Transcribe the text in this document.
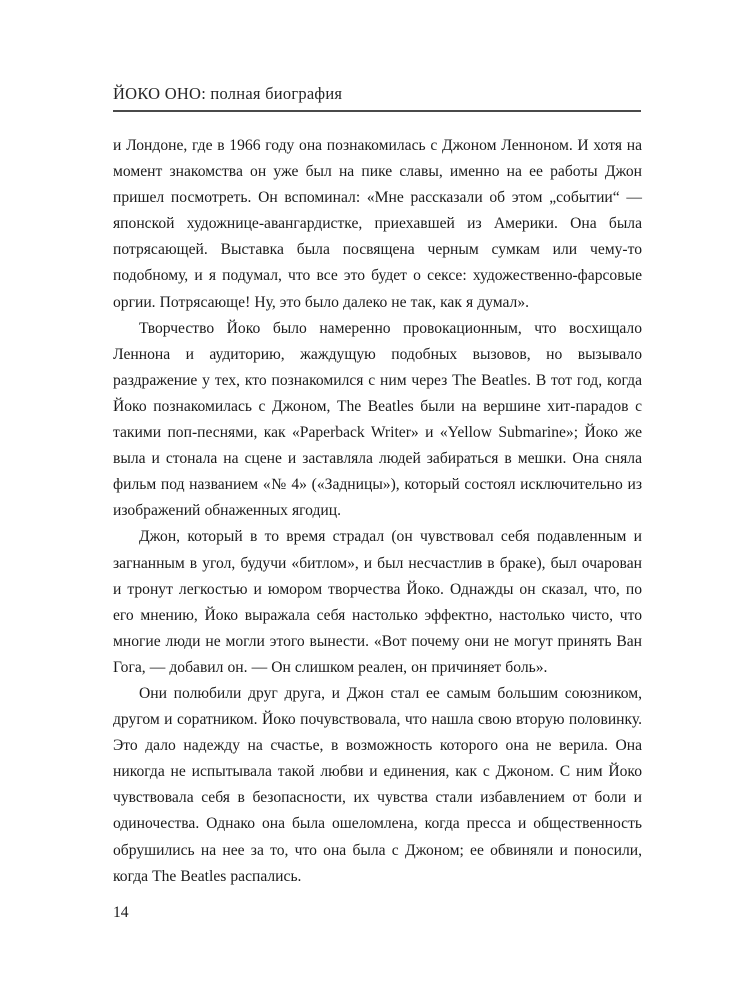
ЙОКО ОНО: полная биография

и Лондоне, где в 1966 году она познакомилась с Джоном Ленноном. И хотя на момент знакомства он уже был на пике славы, именно на ее работы Джон пришел посмотреть. Он вспоминал: «Мне рассказали об этом „событии“ — японской художнице-авангардистке, приехавшей из Америки. Она была потрясающей. Выставка была посвящена черным сумкам или чему-то подобному, и я подумал, что все это будет о сексе: художественно-фарсовые оргии. Потрясающе! Ну, это было далеко не так, как я думал».

Творчество Йоко было намеренно провокационным, что восхищало Леннона и аудиторию, жаждущую подобных вызовов, но вызывало раздражение у тех, кто познакомился с ним через The Beatles. В тот год, когда Йоко познакомилась с Джоном, The Beatles были на вершине хит-парадов с такими поп-песнями, как «Paperback Writer» и «Yellow Submarine»; Йоко же выла и стонала на сцене и заставляла людей забираться в мешки. Она сняла фильм под названием «№ 4» («Задницы»), который состоял исключительно из изображений обнаженных ягодиц.

Джон, который в то время страдал (он чувствовал себя подавленным и загнанным в угол, будучи «битлом», и был несчастлив в браке), был очарован и тронут легкостью и юмором творчества Йоко. Однажды он сказал, что, по его мнению, Йоко выражала себя настолько эффектно, настолько чисто, что многие люди не могли этого вынести. «Вот почему они не могут принять Ван Гога, — добавил он. — Он слишком реален, он причиняет боль».

Они полюбили друг друга, и Джон стал ее самым большим союзником, другом и соратником. Йоко почувствовала, что нашла свою вторую половинку. Это дало надежду на счастье, в возможность которого она не верила. Она никогда не испытывала такой любви и единения, как с Джоном. С ним Йоко чувствовала себя в безопасности, их чувства стали избавлением от боли и одиночества. Однако она была ошеломлена, когда пресса и общественность обрушились на нее за то, что она была с Джоном; ее обвиняли и поносили, когда The Beatles распались.

14
